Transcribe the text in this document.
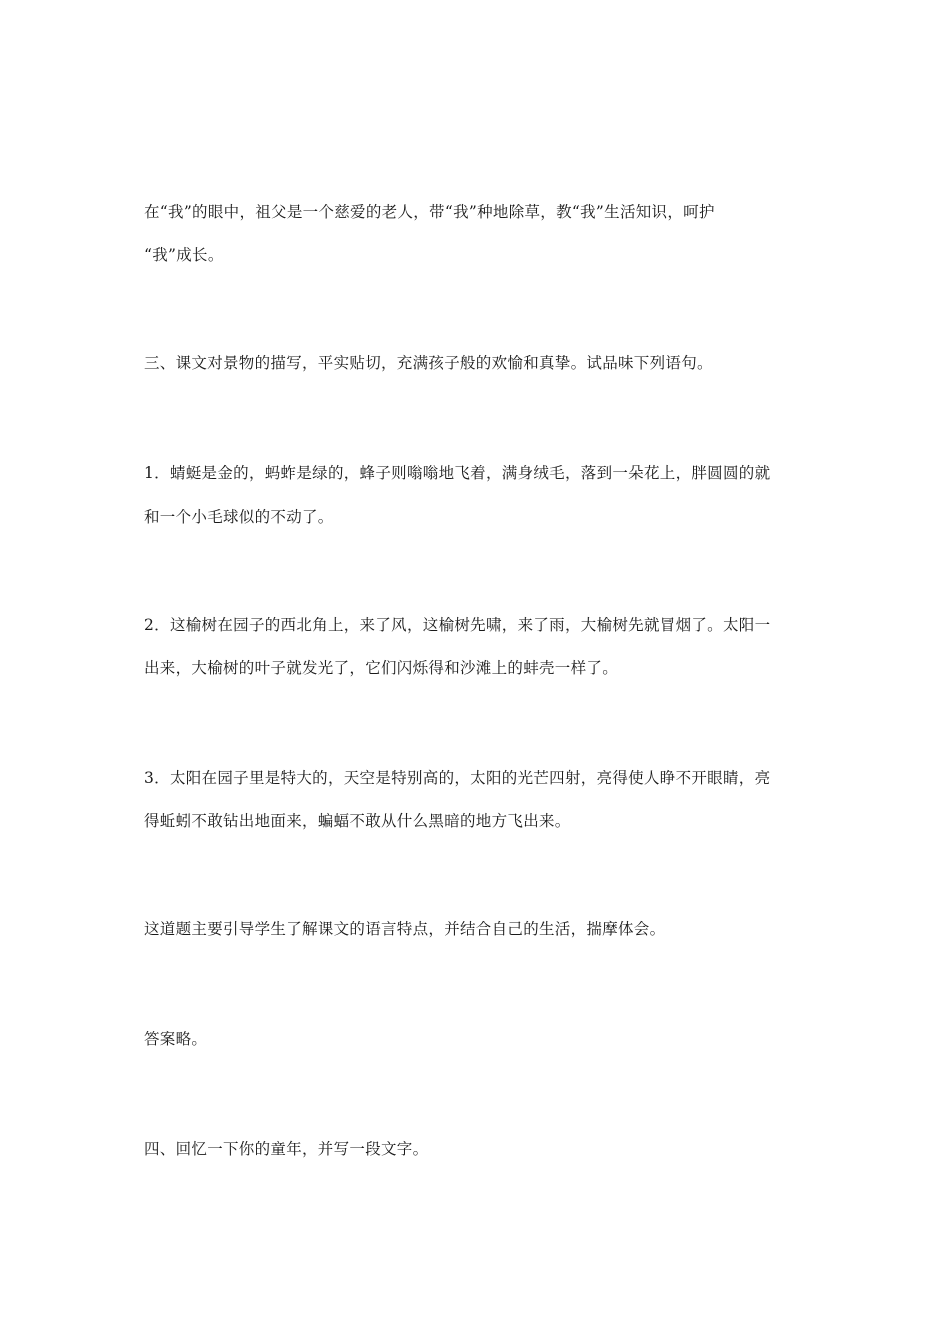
在“我”的眼中，祖父是一个慈爱的老人，带“我”种地除草，教“我”生活知识，呵护
“我”成长。
三、课文对景物的描写，平实贴切，充满孩子般的欢愉和真挚。试品味下列语句。
1．蜻蜓是金的，蚂蚱是绿的，蜂子则嗡嗡地飞着，满身绒毛，落到一朵花上，胖圆圆的就
和一个小毛球似的不动了。
2．这榆树在园子的西北角上，来了风，这榆树先啸，来了雨，大榆树先就冒烟了。太阳一
出来，大榆树的叶子就发光了，它们闪烁得和沙滩上的蚌壳一样了。
3．太阳在园子里是特大的，天空是特别高的，太阳的光芒四射，亮得使人睁不开眼睛，亮
得蚯蚓不敢钻出地面来，蝙蝠不敢从什么黑暗的地方飞出来。
这道题主要引导学生了解课文的语言特点，并结合自己的生活，揣摩体会。
答案略。
四、回忆一下你的童年，并写一段文字。
